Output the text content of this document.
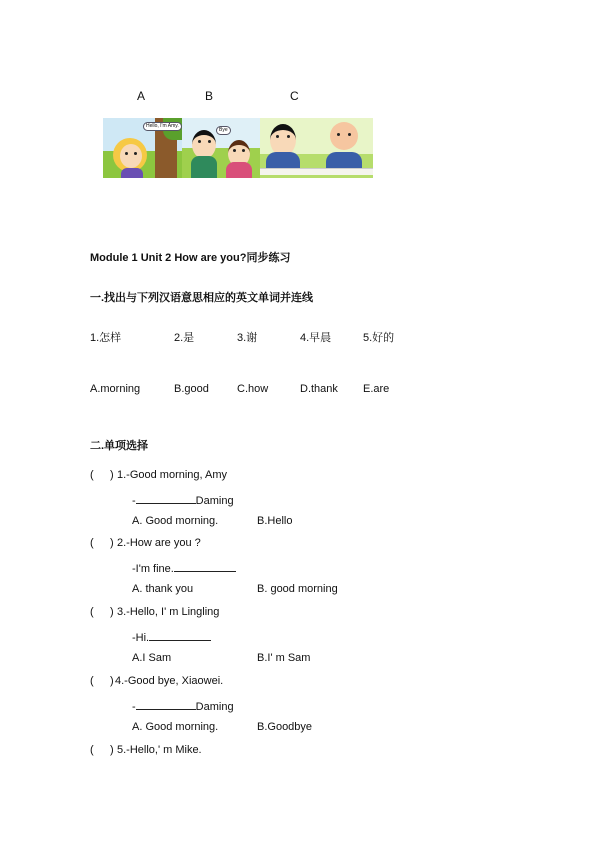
A	B	C
Hello, I'm Amy.
Bye
Module 1 Unit 2 How are you?同步练习
一.找出与下列汉语意思相应的英文单词并连线
1.怎样	2.是	3.谢	4.早晨	5.好的
A.morning	B.good	C.how	D.thank E.are
二.单项选择
( ) 1.-Good morning, Amy
-	Daming
A. Good morning.	B.Hello
( ) 2.-How are you ?
-I'm fine.
A. thank you	B. good morning
( ) 3.-Hello, I' m Lingling
-Hi.
A.I Sam	B.I' m Sam
( ) 4.-Good bye, Xiaowei.
-	Daming
A. Good morning.	B.Goodbye
( ) 5.-Hello,' m Mike.
